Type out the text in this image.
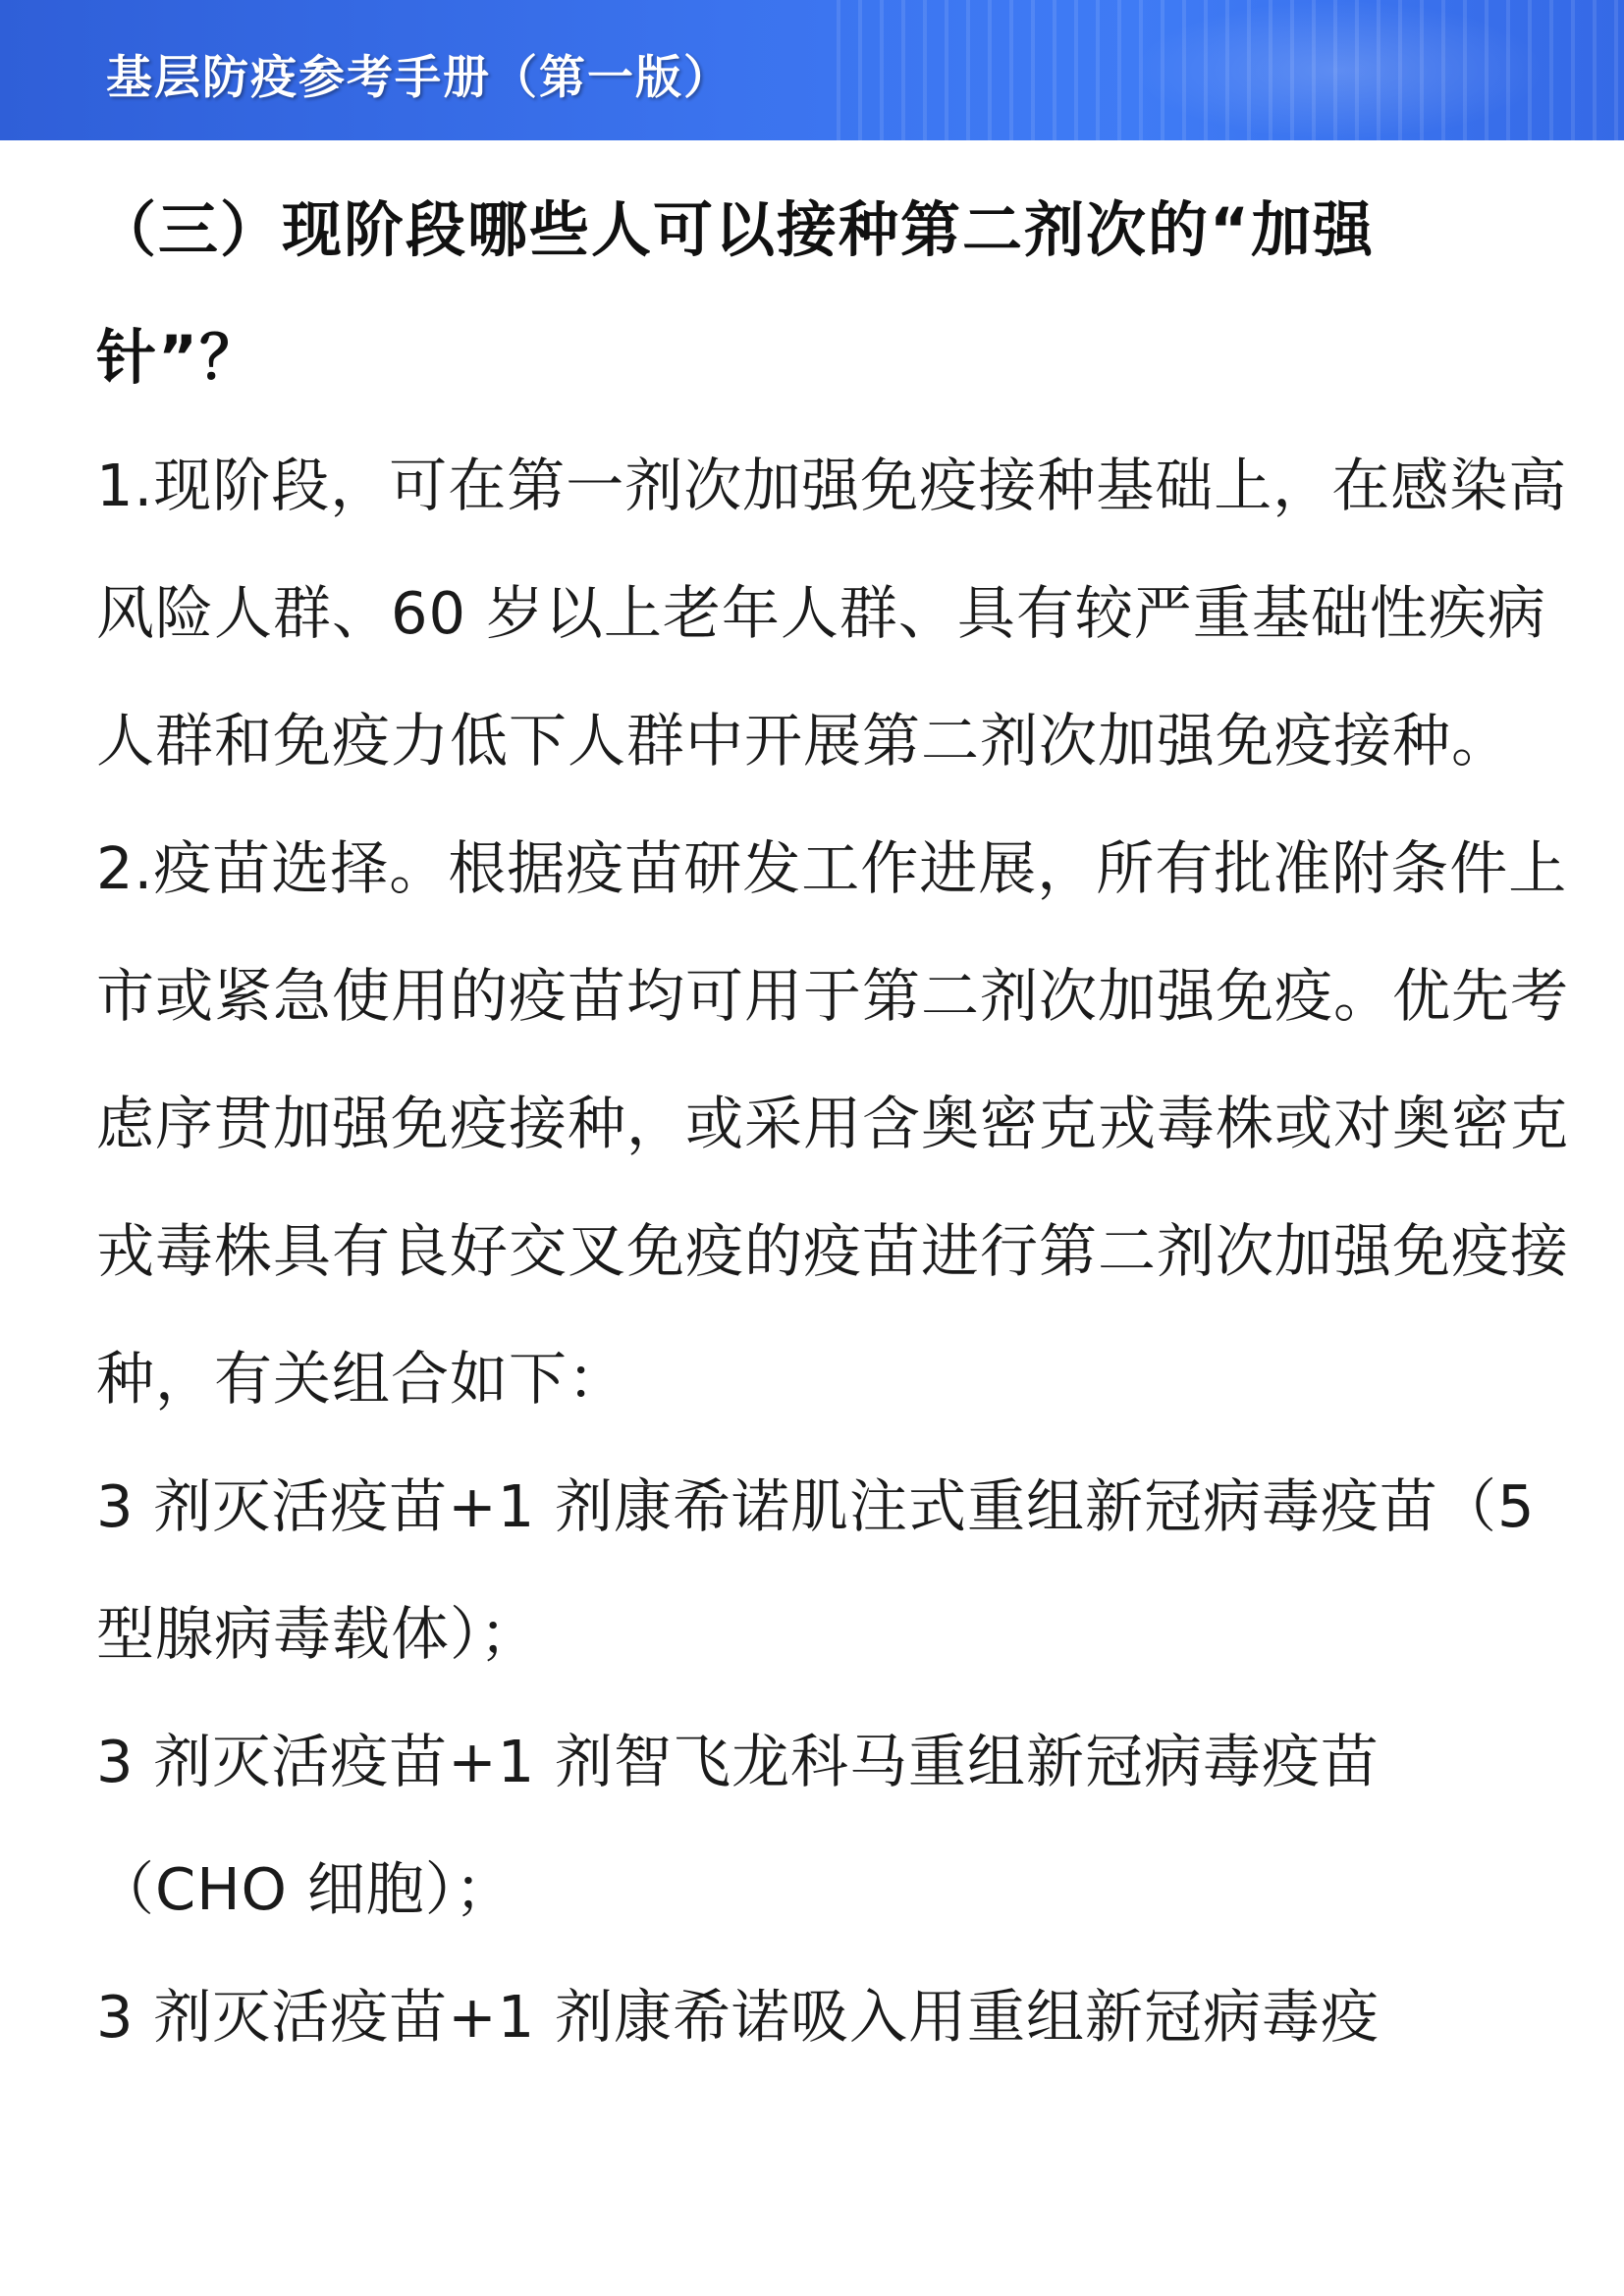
基层防疫参考手册（第一版）
（三）现阶段哪些人可以接种第二剂次的“加强针”？

1.现阶段，可在第一剂次加强免疫接种基础上，在感染高风险人群、60 岁以上老年人群、具有较严重基础性疾病人群和免疫力低下人群中开展第二剂次加强免疫接种。

2.疫苗选择。根据疫苗研发工作进展，所有批准附条件上市或紧急使用的疫苗均可用于第二剂次加强免疫。优先考虑序贯加强免疫接种，或采用含奥密克戎毒株或对奥密克戎毒株具有良好交叉免疫的疫苗进行第二剂次加强免疫接种，有关组合如下：

3 剂灭活疫苗+1 剂康希诺肌注式重组新冠病毒疫苗（5 型腺病毒载体）；

3 剂灭活疫苗+1 剂智飞龙科马重组新冠病毒疫苗（CHO 细胞）；

3 剂灭活疫苗+1 剂康希诺吸入用重组新冠病毒疫
